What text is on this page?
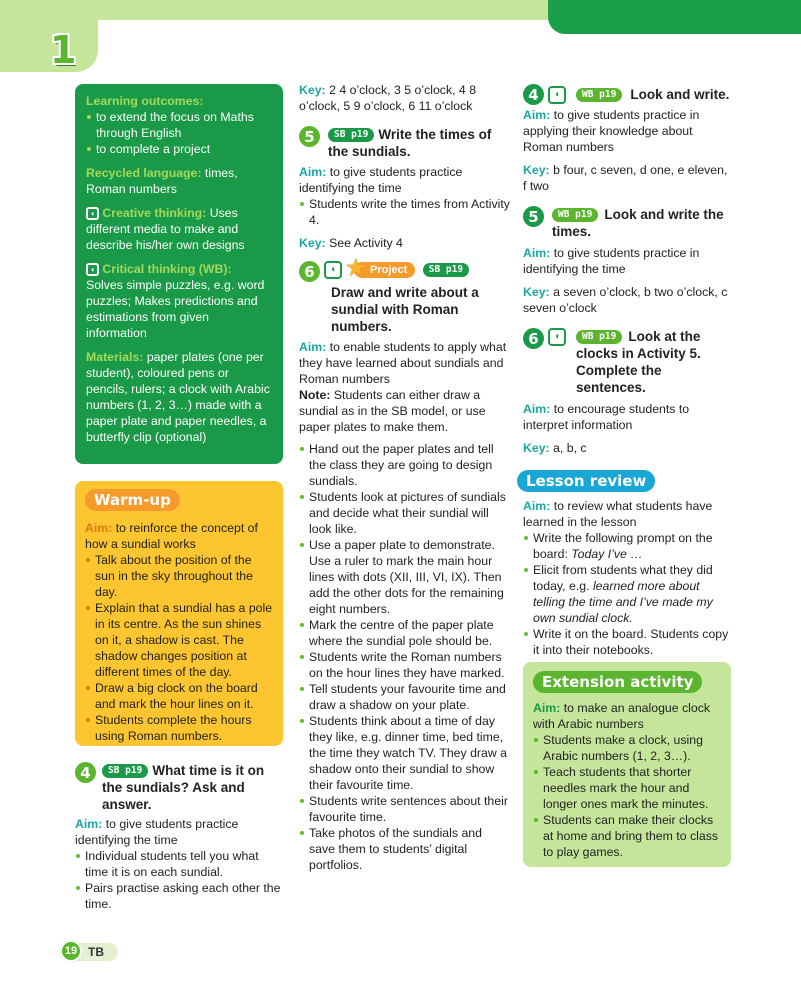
1
Learning outcomes:
to extend the focus on Maths through English
to complete a project
Recycled language: times, Roman numbers
◖ Creative thinking: Uses different media to make and describe his/her own designs
◖ Critical thinking (WB):
Solves simple puzzles, e.g. word puzzles; Makes predictions and estimations from given information
Materials: paper plates (one per student), coloured pens or pencils, rulers; a clock with Arabic numbers (1, 2, 3…) made with a paper plate and paper needles, a butterfly clip (optional)
Warm-up
Aim: to reinforce the concept of how a sundial works
Talk about the position of the sun in the sky throughout the day.
Explain that a sundial has a pole in its centre. As the sun shines on it, a shadow is cast. The shadow changes position at different times of the day.
Draw a big clock on the board and mark the hour lines on it.
Students complete the hours using Roman numbers.
4	SB p19 What time is it on the sundials? Ask and answer.
Aim: to give students practice identifying the time
Individual students tell you what time it is on each sundial.
Pairs practise asking each other the time.
Key: 2 4 o’clock, 3 5 o’clock, 4 8 o’clock, 5 9 o’clock, 6 11 o’clock
5	SB p19 Write the times of the sundials.
Aim: to give students practice identifying the time
Students write the times from Activity 4.
Key: See Activity 4
6	◖ ★ Project SB p19
Draw and write about a sundial with Roman numbers.
Aim: to enable students to apply what they have learned about sundials and Roman numbers
Note: Students can either draw a sundial as in the SB model, or use paper plates to make them.
Hand out the paper plates and tell the class they are going to design sundials.
Students look at pictures of sundials and decide what their sundial will look like.
Use a paper plate to demonstrate. Use a ruler to mark the main hour lines with dots (XII, III, VI, IX). Then add the other dots for the remaining eight numbers.
Mark the centre of the paper plate where the sundial pole should be.
Students write the Roman numbers on the hour lines they have marked.
Tell students your favourite time and draw a shadow on your plate.
Students think about a time of day they like, e.g. dinner time, bed time, the time they watch TV. They draw a shadow onto their sundial to show their favourite time.
Students write sentences about their favourite time.
Take photos of the sundials and save them to students’ digital portfolios.
4	◖	WB p19	Look and write.
Aim: to give students practice in applying their knowledge about Roman numbers
Key: b four, c seven, d one, e eleven, f two
5	WB p19 Look and write the times.
Aim: to give students practice in identifying the time
Key: a seven o’clock, b two o’clock, c seven o’clock
6	◖	WB p19 Look at the clocks in Activity 5. Complete the sentences.
Aim: to encourage students to interpret information
Key: a, b, c
Lesson review
Aim: to review what students have learned in the lesson
Write the following prompt on the board: Today I’ve …
Elicit from students what they did today, e.g. learned more about telling the time and I’ve made my own sundial clock.
Write it on the board. Students copy it into their notebooks.
Extension activity
Aim: to make an analogue clock with Arabic numbers
Students make a clock, using Arabic numbers (1, 2, 3…).
Teach students that shorter needles mark the hour and longer ones mark the minutes.
Students can make their clocks at home and bring them to class to play games.
19 TB
